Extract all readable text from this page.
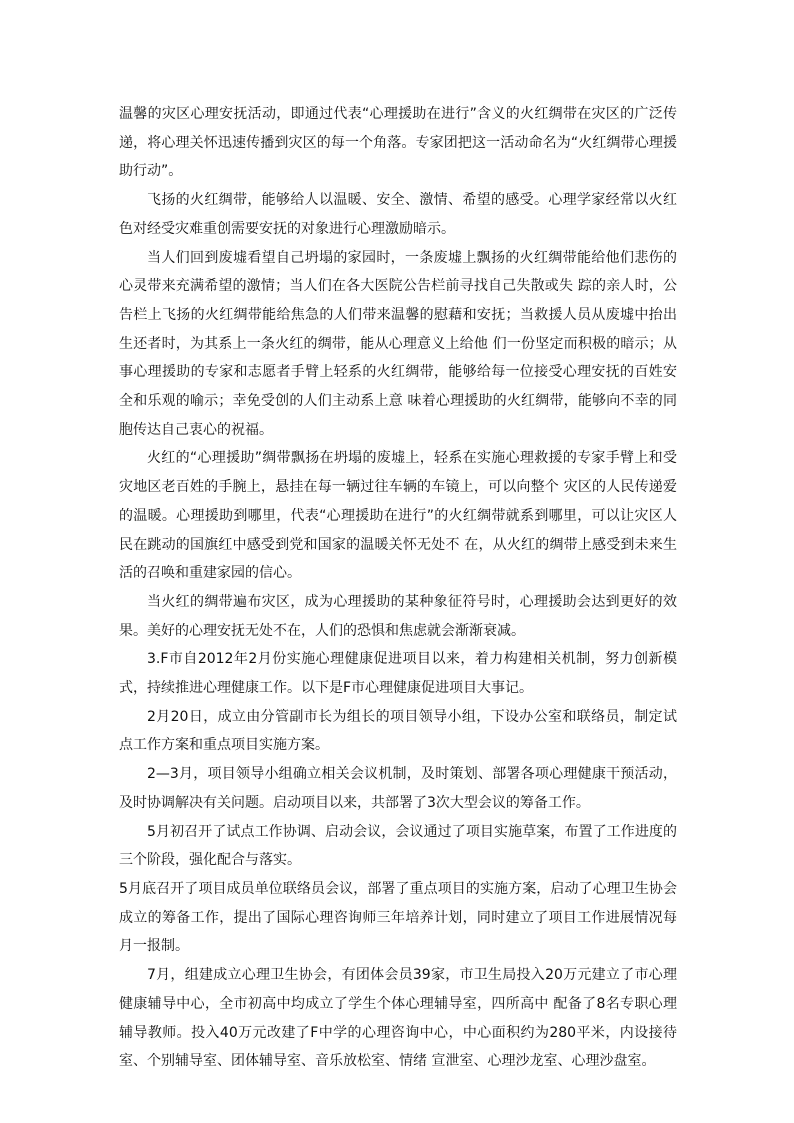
温馨的灾区心理安抚活动，即通过代表“心理援助在进行”含义的火红绸带在灾区的广泛传递，将心理关怀迅速传播到灾区的每一个角落。专家团把这一活动命名为“火红绸带心理援助行动”。

飞扬的火红绸带，能够给人以温暖、安全、激情、希望的感受。心理学家经常以火红色对经受灾难重创需要安抚的对象进行心理激励暗示。

当人们回到废墟看望自己坍塌的家园时，一条废墟上飘扬的火红绸带能给他们悲伤的心灵带来充满希望的激情；当人们在各大医院公告栏前寻找自己失散或失 踪的亲人时，公告栏上飞扬的火红绸带能给焦急的人们带来温馨的慰藉和安抚；当救援人员从废墟中抬出生还者时，为其系上一条火红的绸带，能从心理意义上给他 们一份坚定而积极的暗示；从事心理援助的专家和志愿者手臂上轻系的火红绸带，能够给每一位接受心理安抚的百姓安全和乐观的喻示；幸免受创的人们主动系上意 味着心理援助的火红绸带，能够向不幸的同胞传达自己衷心的祝福。

火红的“心理援助”绸带飘扬在坍塌的废墟上，轻系在实施心理救援的专家手臂上和受灾地区老百姓的手腕上，悬挂在每一辆过往车辆的车镜上，可以向整个 灾区的人民传递爱的温暖。心理援助到哪里，代表“心理援助在进行”的火红绸带就系到哪里，可以让灾区人民在跳动的国旗红中感受到党和国家的温暖关怀无处不 在，从火红的绸带上感受到未来生活的召唤和重建家园的信心。

当火红的绸带遍布灾区，成为心理援助的某种象征符号时，心理援助会达到更好的效果。美好的心理安抚无处不在，人们的恐惧和焦虑就会渐渐衰减。

3.F市自2012年2月份实施心理健康促进项目以来，着力构建相关机制，努力创新模式，持续推进心理健康工作。以下是F市心理健康促进项目大事记。

2月20日，成立由分管副市长为组长的项目领导小组，下设办公室和联络员，制定试点工作方案和重点项目实施方案。

2—3月，项目领导小组确立相关会议机制，及时策划、部署各项心理健康干预活动，及时协调解决有关问题。启动项目以来，共部署了3次大型会议的筹备工作。

5月初召开了试点工作协调、启动会议，会议通过了项目实施草案，布置了工作进度的三个阶段，强化配合与落实。

5月底召开了项目成员单位联络员会议，部署了重点项目的实施方案，启动了心理卫生协会成立的筹备工作，提出了国际心理咨询师三年培养计划，同时建立了项目工作进展情况每月一报制。

7月，组建成立心理卫生协会，有团体会员39家，市卫生局投入20万元建立了市心理健康辅导中心，全市初高中均成立了学生个体心理辅导室，四所高中 配备了8名专职心理辅导教师。投入40万元改建了F中学的心理咨询中心，中心面积约为280平米，内设接待室、个别辅导室、团体辅导室、音乐放松室、情绪 宣泄室、心理沙龙室、心理沙盘室。
